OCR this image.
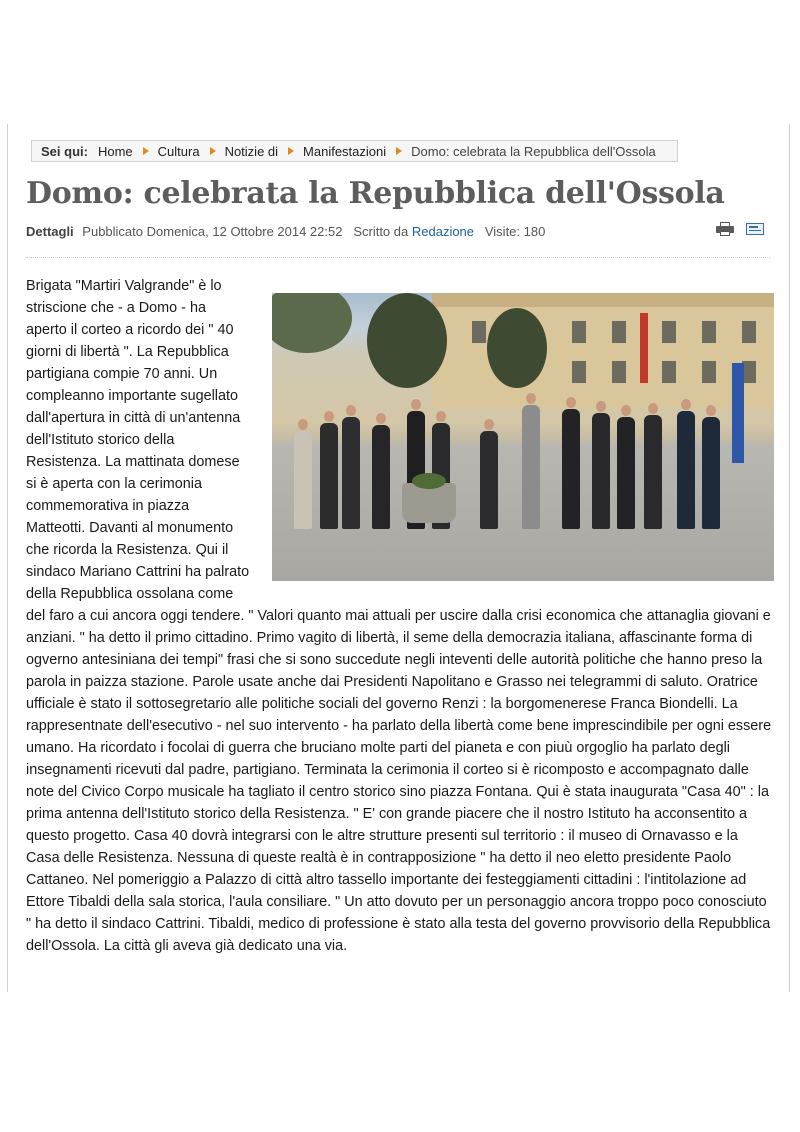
Sei qui: Home Cultura Notizie di Manifestazioni Domo: celebrata la Repubblica dell'Ossola
Domo: celebrata la Repubblica dell'Ossola
Dettagli Pubblicato Domenica, 12 Ottobre 2014 22:52 Scritto da Redazione Visite: 180

Brigata "Martiri Valgrande" è lo striscione che - a Domo - ha aperto il corteo a ricordo dei " 40 giorni di libertà ". La Repubblica partigiana compie 70 anni. Un compleanno importante sugellato dall'apertura in città di un'antenna dell'Istituto storico della Resistenza. La mattinata domese si è aperta con la cerimonia commemorativa in piazza Matteotti. Davanti al monumento che ricorda la Resistenza. Qui il sindaco Mariano Cattrini ha palrato della Repubblica ossolana come del faro a cui ancora oggi tendere. " Valori quanto mai attuali per uscire dalla crisi economica che attanaglia giovani e anziani. " ha detto il primo cittadino. Primo vagito di libertà, il seme della democrazia italiana, affascinante forma di ogverno antesiniana dei tempi" frasi che si sono succedute negli inteventi delle autorità politiche che hanno preso la parola in paizza stazione. Parole usate anche dai Presidenti Napolitano e Grasso nei telegrammi di saluto. Oratrice ufficiale è stato il sottosegretario alle politiche sociali del governo Renzi : la borgomenerese Franca Biondelli. La rappresentnate dell'esecutivo - nel suo intervento - ha parlato della libertà come bene imprescindibile per ogni essere umano. Ha ricordato i focolai di guerra che bruciano molte parti del pianeta e con piuù orgoglio ha parlato degli insegnamenti ricevuti dal padre, partigiano. Terminata la cerimonia il corteo si è ricomposto e accompagnato dalle note del Civico Corpo musicale ha tagliato il centro storico sino piazza Fontana. Qui è stata inaugurata "Casa 40" : la prima antenna dell'Istituto storico della Resistenza. " E' con grande piacere che il nostro Istituto ha acconsentito a questo progetto. Casa 40 dovrà integrarsi con le altre strutture presenti sul territorio : il museo di Ornavasso e la Casa delle Resistenza. Nessuna di queste realtà è in contrapposizione " ha detto il neo eletto presidente Paolo Cattaneo. Nel pomeriggio a Palazzo di città altro tassello importante dei festeggiamenti cittadini : l'intitolazione ad Ettore Tibaldi della sala storica, l'aula consiliare. " Un atto dovuto per un personaggio ancora troppo poco conosciuto " ha detto il sindaco Cattrini. Tibaldi, medico di professione è stato alla testa del governo provvisorio della Repubblica dell'Ossola. La città gli aveva già dedicato una via.
